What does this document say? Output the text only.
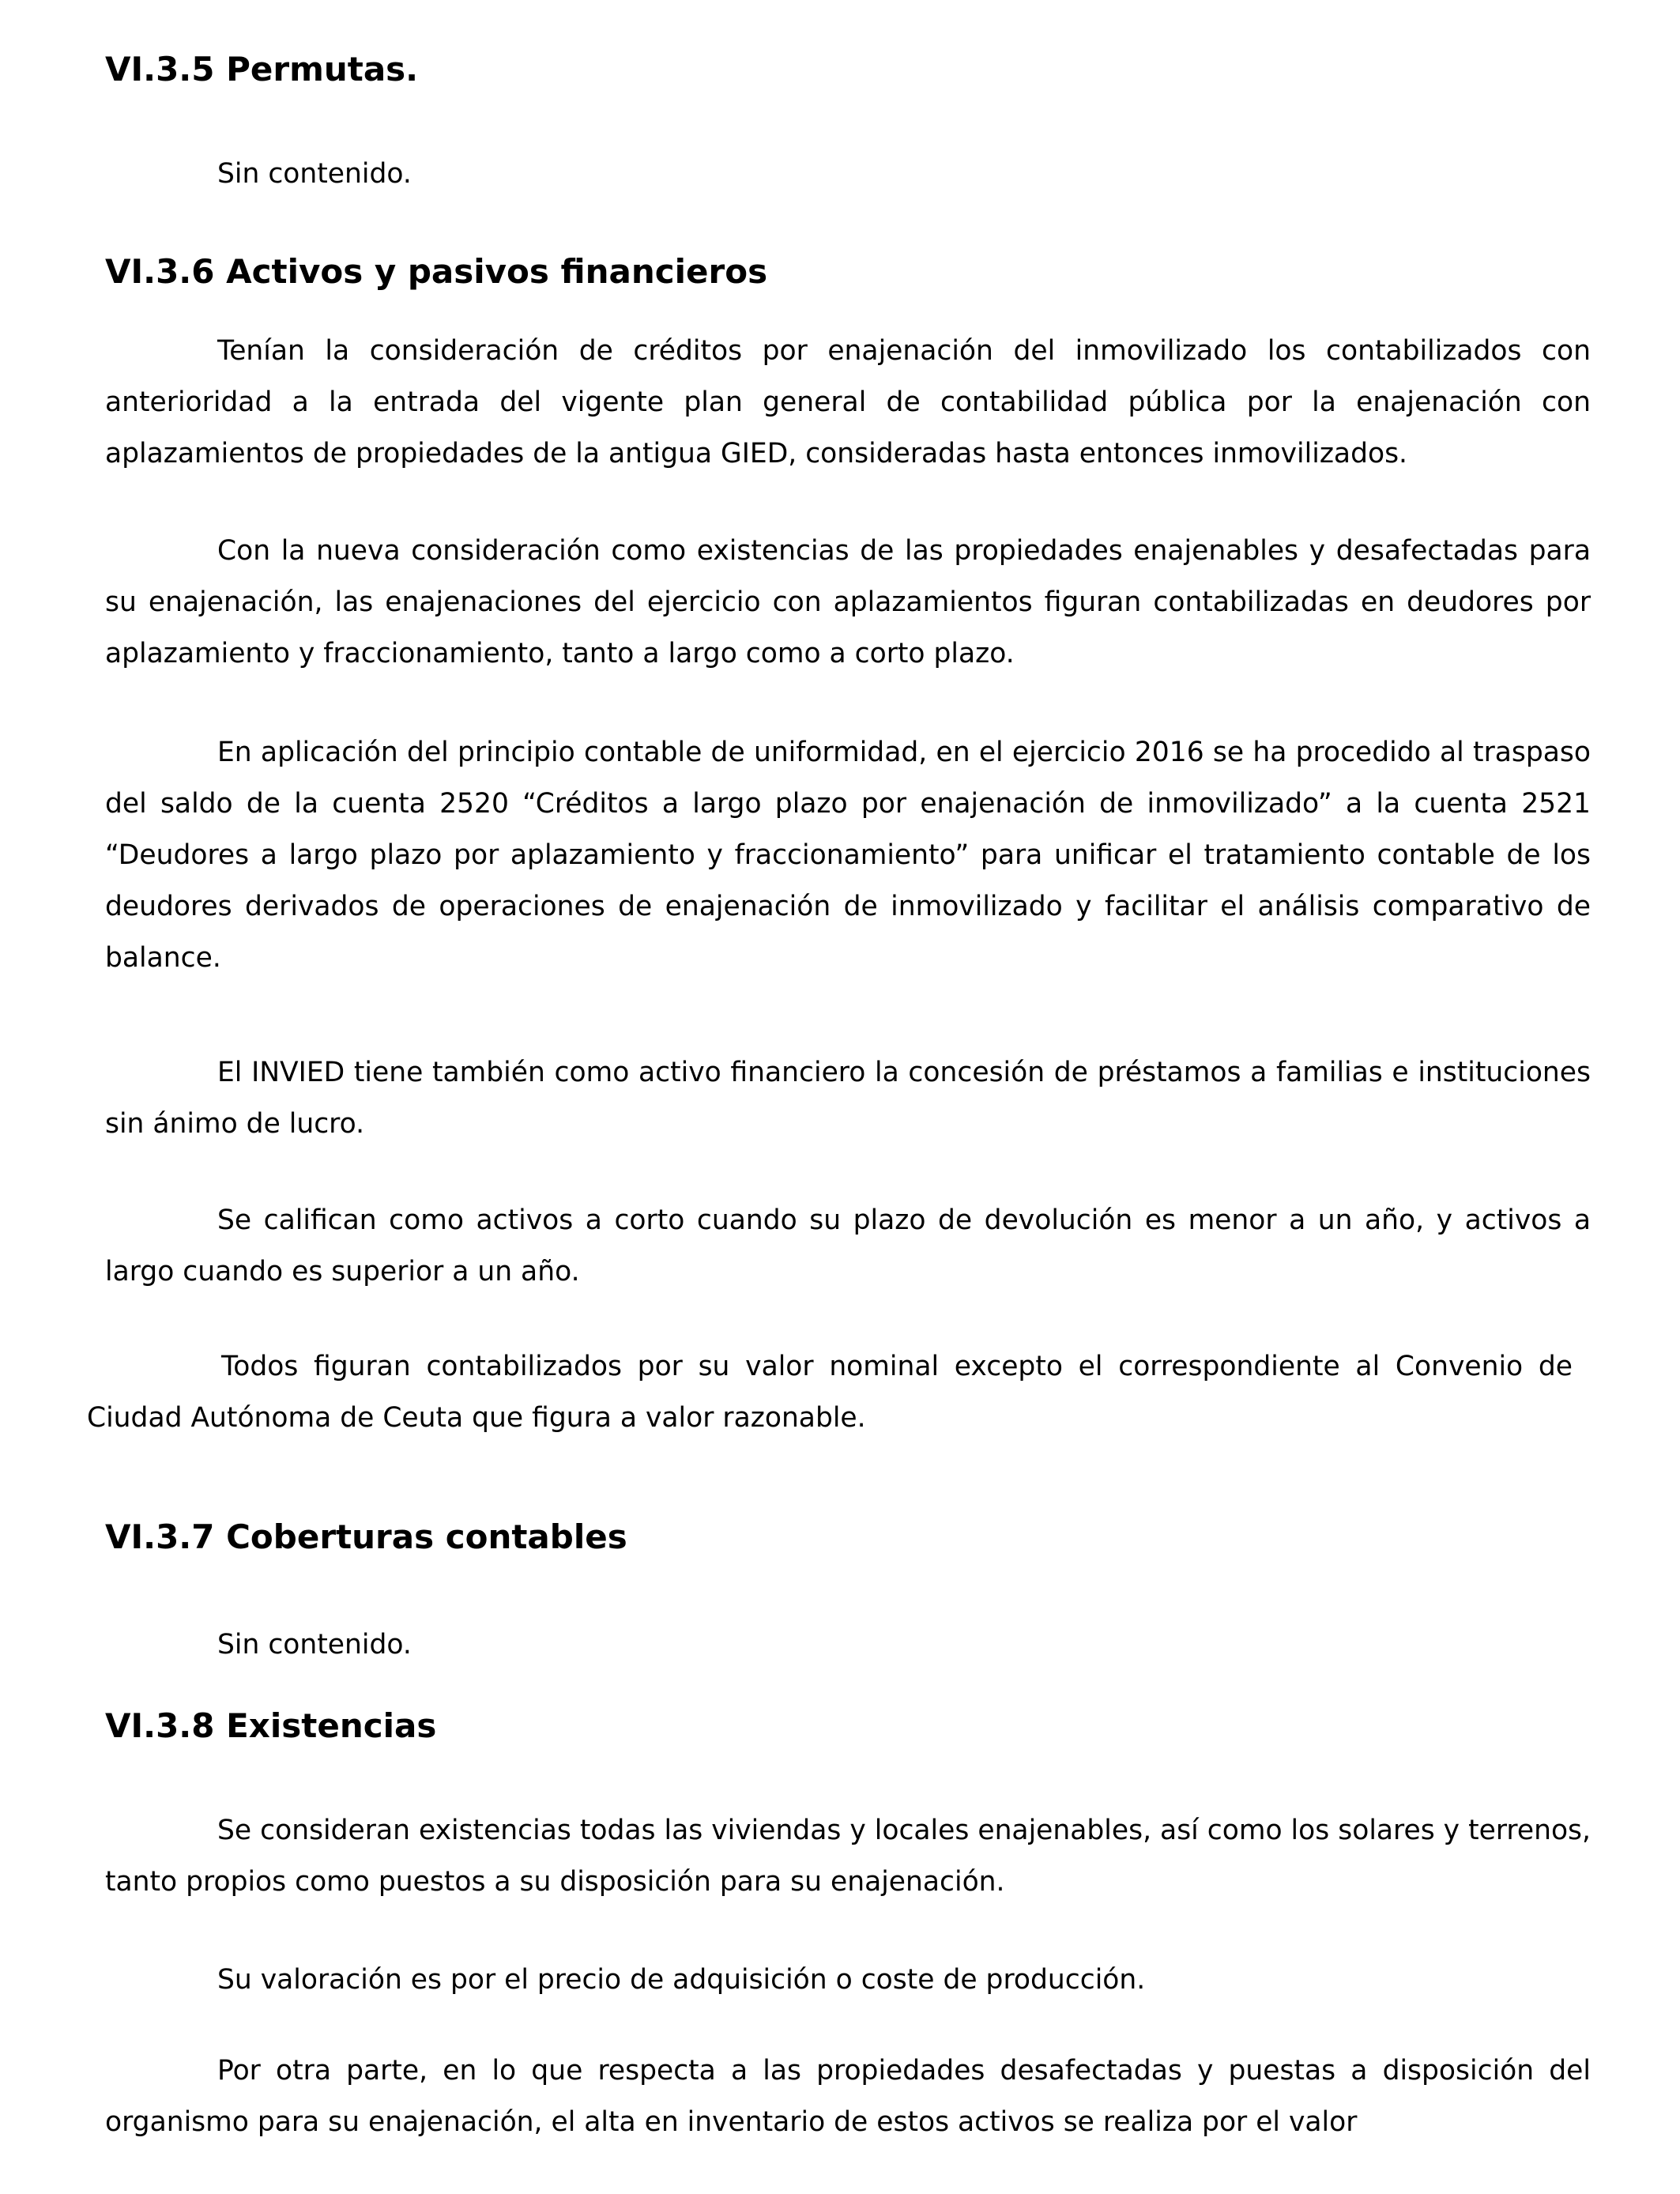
VI.3.5 Permutas.

Sin contenido.

VI.3.6 Activos y pasivos financieros

Tenían la consideración de créditos por enajenación del inmovilizado los contabilizados con anterioridad a la entrada del vigente plan general de contabilidad pública por la enajenación con aplazamientos de propiedades de la antigua GIED, consideradas hasta entonces inmovilizados.

Con la nueva consideración como existencias de las propiedades enajenables y desafectadas para su enajenación, las enajenaciones del ejercicio con aplazamientos figuran contabilizadas en deudores por aplazamiento y fraccionamiento, tanto a largo como a corto plazo.

En aplicación del principio contable de uniformidad, en el ejercicio 2016 se ha procedido al traspaso del saldo de la cuenta 2520 “Créditos a largo plazo por enajenación de inmovilizado” a la cuenta 2521 “Deudores a largo plazo por aplazamiento y fraccionamiento” para unificar el tratamiento contable de los deudores derivados de operaciones de enajenación de inmovilizado y facilitar el análisis comparativo de balance.

El INVIED tiene también como activo financiero la concesión de préstamos a familias e instituciones sin ánimo de lucro.

Se califican como activos a corto cuando su plazo de devolución es menor a un año, y activos a largo cuando es superior a un año.

Todos figuran contabilizados por su valor nominal excepto el correspondiente al Convenio de Ciudad Autónoma de Ceuta que figura a valor razonable.

VI.3.7 Coberturas contables

Sin contenido.

VI.3.8 Existencias

Se consideran existencias todas las viviendas y locales enajenables, así como los solares y terrenos, tanto propios como puestos a su disposición para su enajenación.

Su valoración es por el precio de adquisición o coste de producción.

Por otra parte, en lo que respecta a las propiedades desafectadas y puestas a disposición del organismo para su enajenación, el alta en inventario de estos activos se realiza por el valor
